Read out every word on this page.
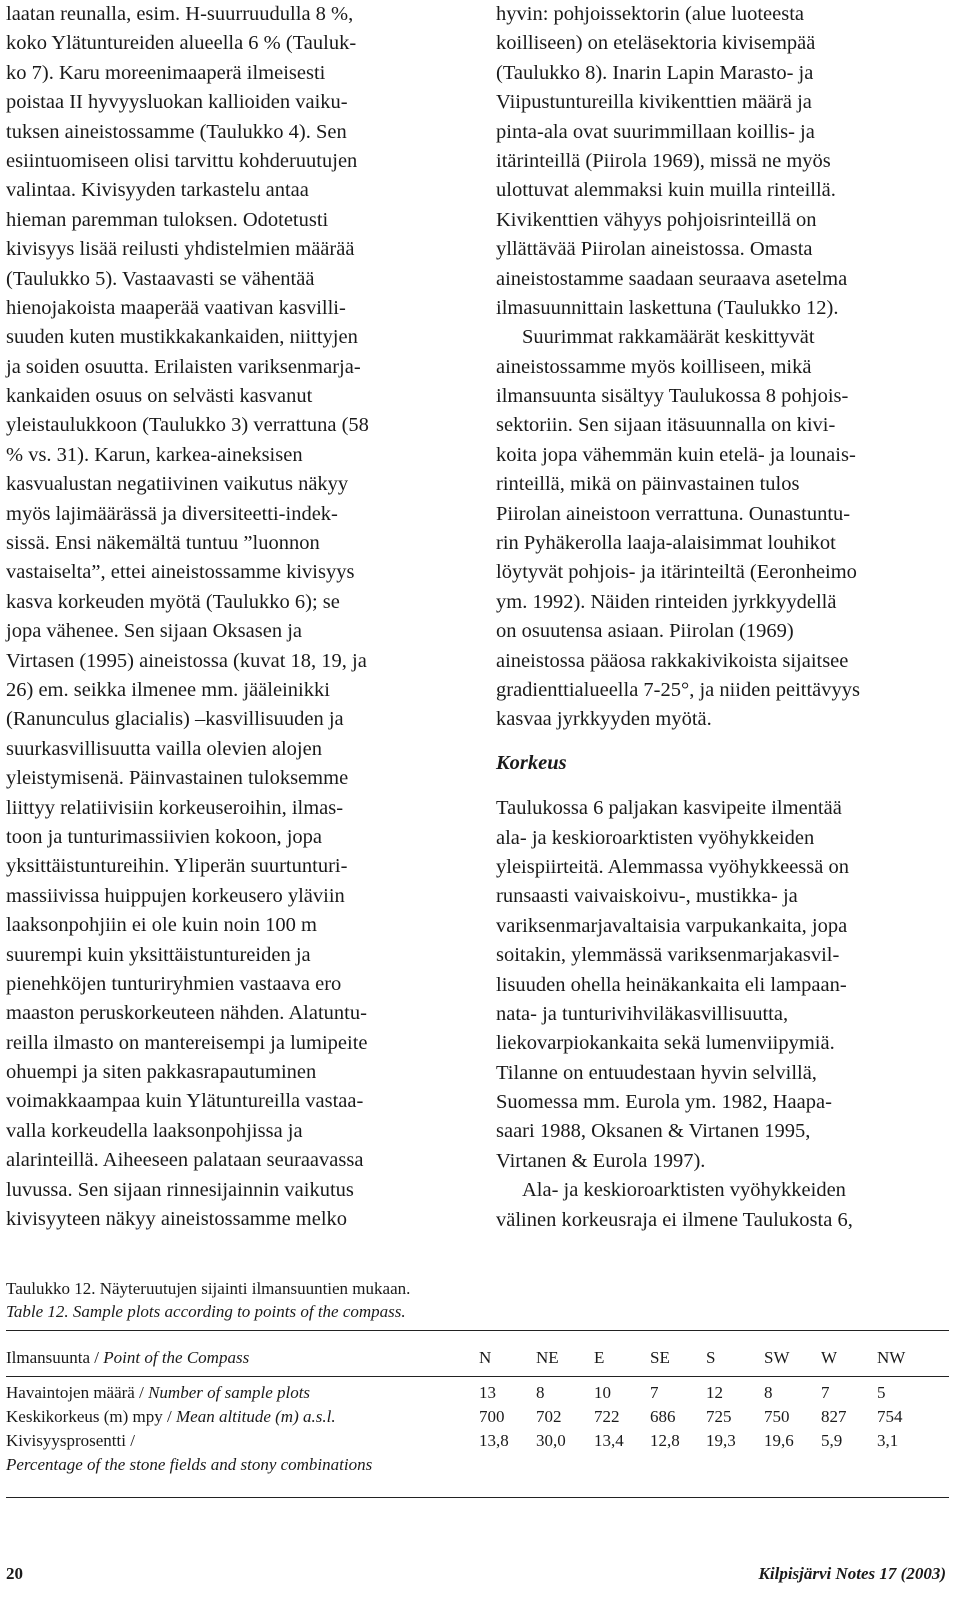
laatan reunalla, esim. H-suurruudulla 8 %,
koko Ylätuntureiden alueella 6 % (Tauluk-
ko 7). Karu moreenimaaperä ilmeisesti
poistaa II hyvyysluokan kallioiden vaiku-
tuksen aineistossamme (Taulukko 4). Sen
esiintuomiseen olisi tarvittu kohderuutujen
valintaa. Kivisyyden tarkastelu antaa
hieman paremman tuloksen. Odotetusti
kivisyys lisää reilusti yhdistelmien määrää
(Taulukko 5). Vastaavasti se vähentää
hienojakoista maaperää vaativan kasvilli-
suuden kuten mustikkakankaiden, niittyjen
ja soiden osuutta. Erilaisten variksenmarja-
kankaiden osuus on selvästi kasvanut
yleistaulukkoon (Taulukko 3) verrattuna (58
% vs. 31). Karun, karkea-aineksisen
kasvualustan negatiivinen vaikutus näkyy
myös lajimäärässä ja diversiteetti-indek-
sissä. Ensi näkemältä tuntuu ”luonnon
vastaiselta”, ettei aineistossamme kivisyys
kasva korkeuden myötä (Taulukko 6); se
jopa vähenee. Sen sijaan Oksasen ja
Virtasen (1995) aineistossa (kuvat 18, 19, ja
26) em. seikka ilmenee mm. jääleinikki
(Ranunculus glacialis) –kasvillisuuden ja
suurkasvillisuutta vailla olevien alojen
yleistymisenä. Päinvastainen tuloksemme
liittyy relatiivisiin korkeuseroihin, ilmas-
toon ja tunturimassiivien kokoon, jopa
yksittäistuntureihin. Yliperän suurtunturi-
massiivissa huippujen korkeusero yläviin
laaksonpohjiin ei ole kuin noin 100 m
suurempi kuin yksittäistuntureiden ja
pienehköjen tunturiryhmien vastaava ero
maaston peruskorkeuteen nähden. Alatuntu-
reilla ilmasto on mantereisempi ja lumipeite
ohuempi ja siten pakkasrapautuminen
voimakkaampaa kuin Ylätuntureilla vastaa-
valla korkeudella laaksonpohjissa ja
alarinteillä. Aiheeseen palataan seuraavassa
luvussa. Sen sijaan rinnesijainnin vaikutus
kivisyyteen näkyy aineistossamme melko
hyvin: pohjoissektorin (alue luoteesta
koilliseen) on eteläsektoria kivisempää
(Taulukko 8). Inarin Lapin Marasto- ja
Viipustuntureilla kivikenttien määrä ja
pinta-ala ovat suurimmillaan koillis- ja
itärinteillä (Piirola 1969), missä ne myös
ulottuvat alemmaksi kuin muilla rinteillä.
Kivikenttien vähyys pohjoisrinteillä on
yllättävää Piirolan aineistossa. Omasta
aineistostamme saadaan seuraava asetelma
ilmasuunnittain laskettuna (Taulukko 12).
Suurimmat rakkamäärät keskittyvät
aineistossamme myös koilliseen, mikä
ilmansuunta sisältyy Taulukossa 8 pohjois-
sektoriin. Sen sijaan itäsuunnalla on kivi-
koita jopa vähemmän kuin etelä- ja lounais-
rinteillä, mikä on päinvastainen tulos
Piirolan aineistoon verrattuna. Ounastuntu-
rin Pyhäkerolla laaja-alaisimmat louhikot
löytyvät pohjois- ja itärinteiltä (Eeronheimo
ym. 1992). Näiden rinteiden jyrkkyydellä
on osuutensa asiaan. Piirolan (1969)
aineistossa pääosa rakkakivikoista sijaitsee
gradienttialueella 7-25°, ja niiden peittävyys
kasvaa jyrkkyyden myötä.
Korkeus
Taulukossa 6 paljakan kasvipeite ilmentää
ala- ja keskioroarktisten vyöhykkeiden
yleispiirteitä. Alemmassa vyöhykkeessä on
runsaasti vaivaiskoivu-, mustikka- ja
variksenmarjavaltaisia varpukankaita, jopa
soitakin, ylemmässä variksenmarjakasvil-
lisuuden ohella heinäkankaita eli lampaan-
nata- ja tunturivihviläkasvillisuutta,
liekovarpiokankaita sekä lumenviipymiä.
Tilanne on entuudestaan hyvin selvillä,
Suomessa mm. Eurola ym. 1982, Haapa-
saari 1988, Oksanen & Virtanen 1995,
Virtanen & Eurola 1997).
Ala- ja keskioroarktisten vyöhykkeiden
välinen korkeusraja ei ilmene Taulukosta 6,
Taulukko 12. Näyteruutujen sijainti ilmansuuntien mukaan.
Table 12. Sample plots according to points of the compass.
Ilmansuunta / Point of the Compass	N	NE E	SE S	SW W NW
Havaintojen määrä / Number of sample plots	13 8	10 7	12 8	7	5
Keskikorkeus (m) mpy / Mean altitude (m) a.s.l.	700 702 722 686 725 750 827 754
Kivisyysprosentti /	13,8 30,0 13,4 12,8 19,3 19,6 5,9 3,1
Percentage of the stone fields and stony combinations
20	Kilpisjärvi Notes 17 (2003)
